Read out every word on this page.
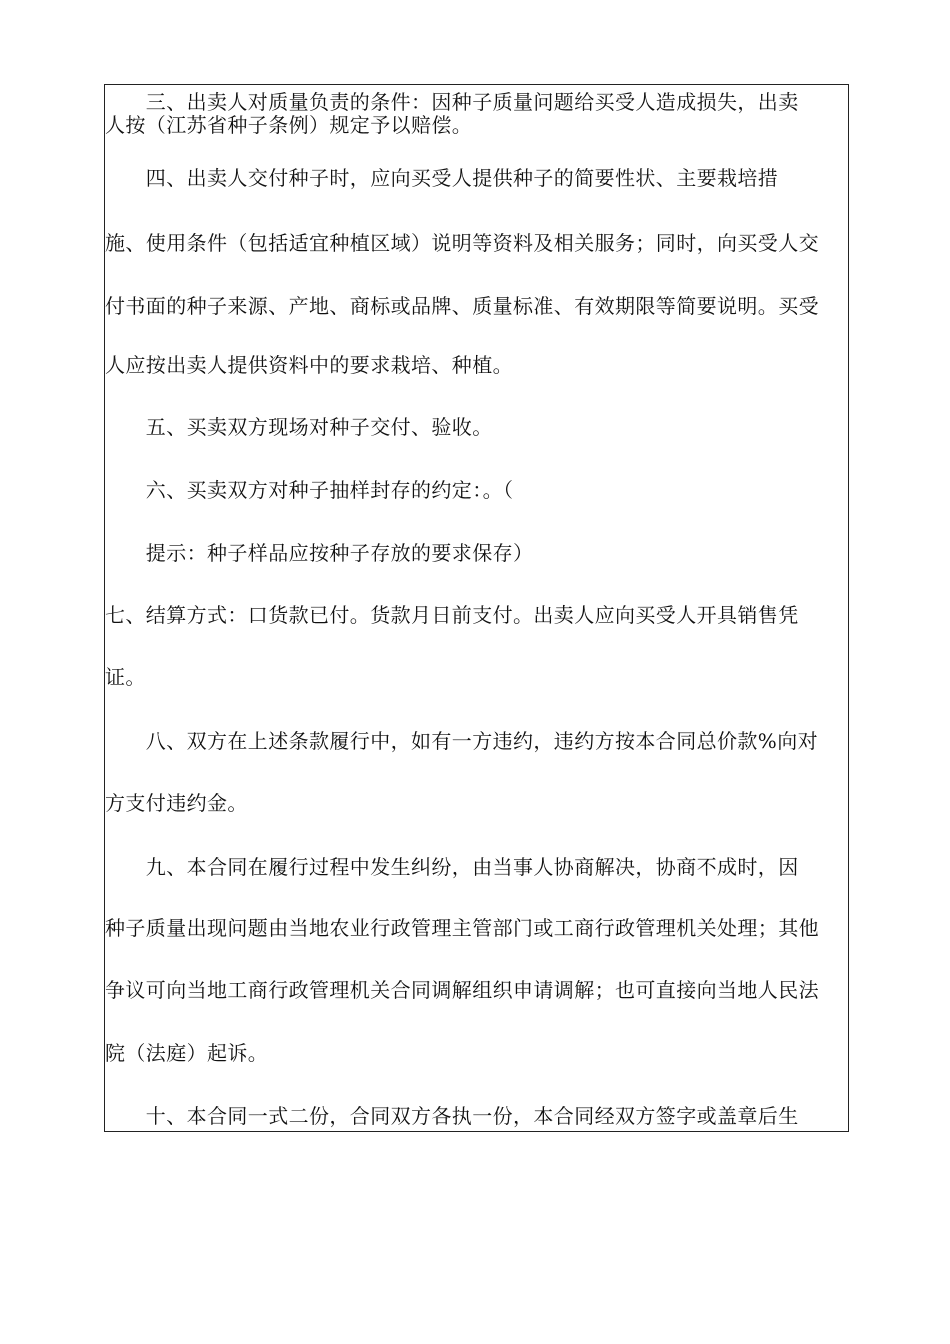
　　三、出卖人对质量负责的条件：因种子质量问题给买受人造成损失，出卖
人按（江苏省种子条例）规定予以赔偿。
　　四、出卖人交付种子时，应向买受人提供种子的简要性状、主要栽培措
施、使用条件（包括适宜种植区域）说明等资料及相关服务；同时，向买受人交
付书面的种子来源、产地、商标或品牌、质量标准、有效期限等简要说明。买受
人应按出卖人提供资料中的要求栽培、种植。
　　五、买卖双方现场对种子交付、验收。
　　六、买卖双方对种子抽样封存的约定：。（
　　提示：种子样品应按种子存放的要求保存）
七、结算方式：口货款已付。货款月日前支付。出卖人应向买受人开具销售凭
证。
　　八、双方在上述条款履行中，如有一方违约，违约方按本合同总价款%向对
方支付违约金。
　　九、本合同在履行过程中发生纠纷，由当事人协商解决，协商不成时，因
种子质量出现问题由当地农业行政管理主管部门或工商行政管理机关处理；其他
争议可向当地工商行政管理机关合同调解组织申请调解；也可直接向当地人民法
院（法庭）起诉。
　　十、本合同一式二份，合同双方各执一份，本合同经双方签字或盖章后生
